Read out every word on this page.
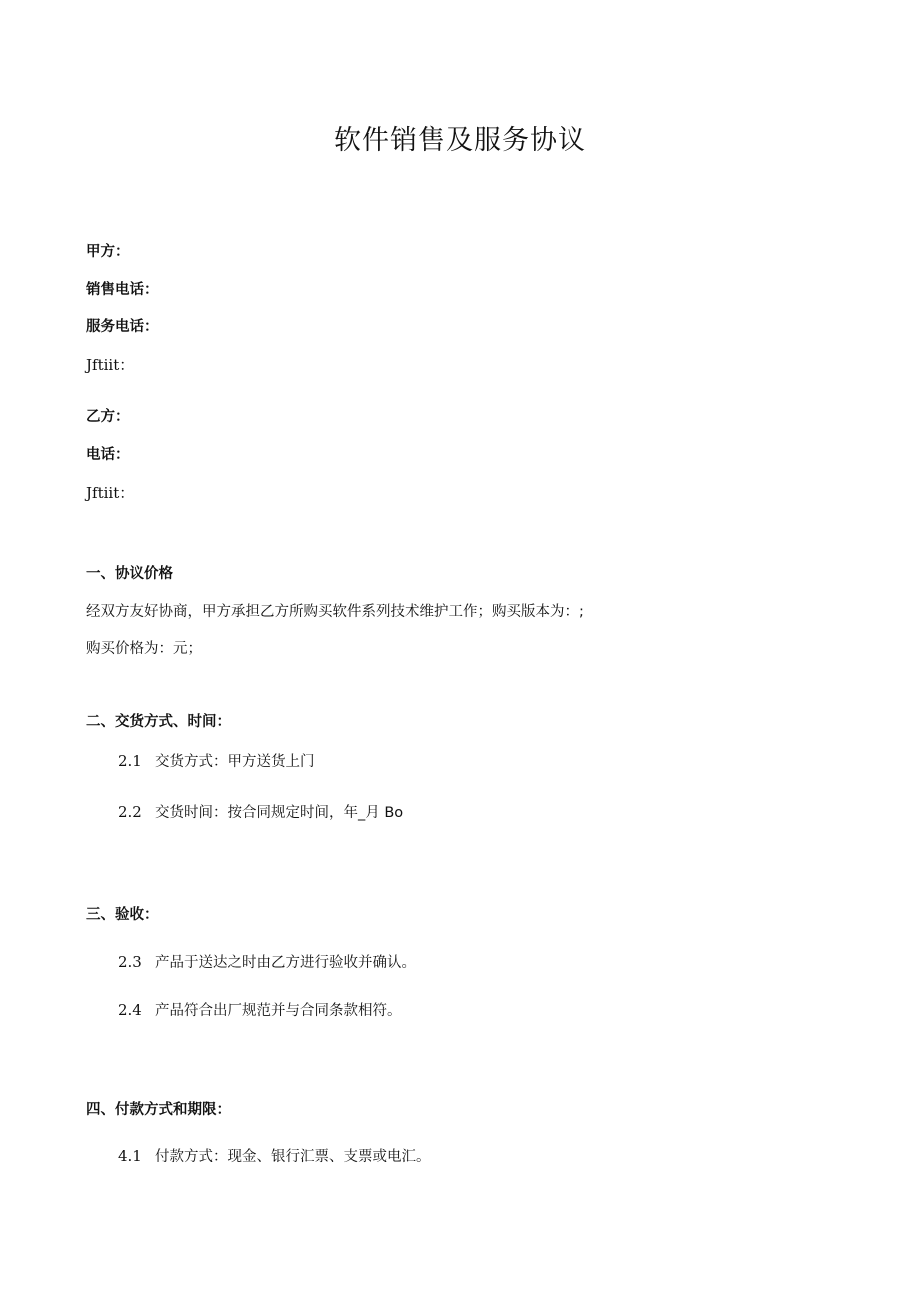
软件销售及服务协议
甲方：
销售电话：
服务电话：
Jftiit：
乙方：
电话：
Jftiit：
一、协议价格
经双方友好协商，甲方承担乙方所购买软件系列技术维护工作；购买版本为：;
购买价格为：元；
二、交货方式、时间：
2.1 交货方式：甲方送货上门
2.2 交货时间：按合同规定时间，年_月 Bo
三、验收：
2.3 产品于送达之时由乙方进行验收并确认。
2.4 产品符合出厂规范并与合同条款相符。
四、付款方式和期限：
4.1 付款方式：现金、银行汇票、支票或电汇。
